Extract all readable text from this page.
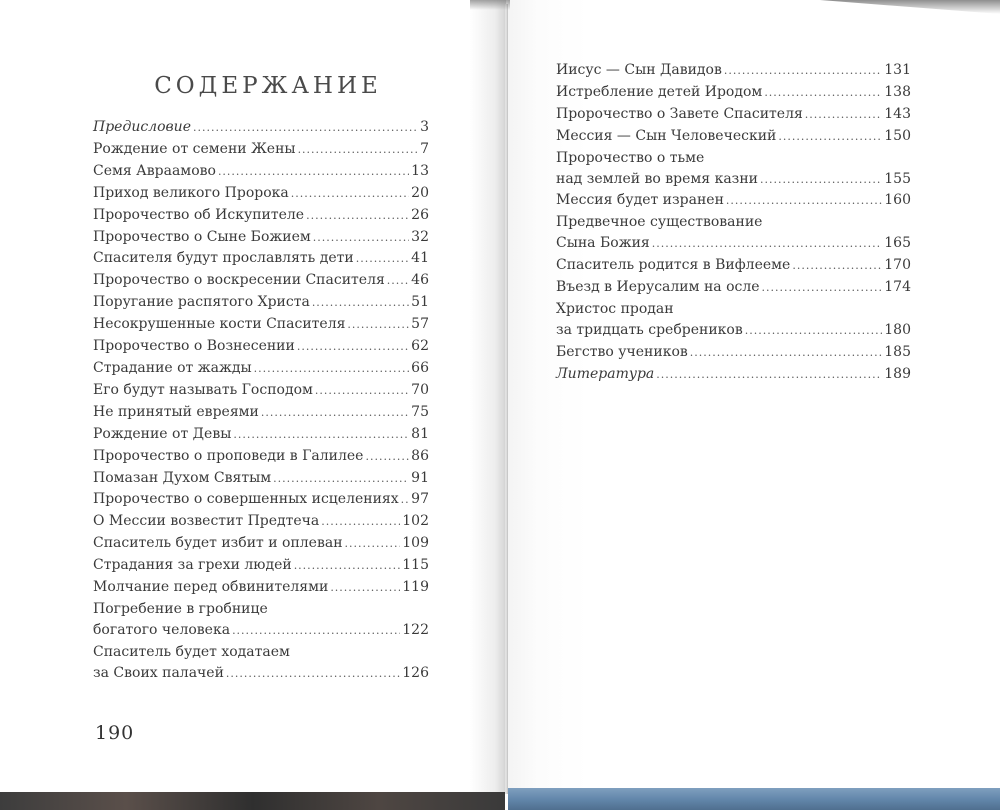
СОДЕРЖАНИЕ
Предисловие .....	3
Рождение от семени Жены .....	7
Семя Авраамово .....	13
Приход великого Пророка .....	20
Пророчество об Искупителе .....	26
Пророчество о Сыне Божием .....	32
Спасителя будут прославлять дети .....	41
Пророчество о воскресении Спасителя ..... 46
Поругание распятого Христа .....	51
Несокрушенные кости Спасителя .....	57
Пророчество о Вознесении .....	62
Страдание от жажды .....	66
Его будут называть Господом .....	70
Не принятый евреями .....	75
Рождение от Девы .....	81
Пророчество о проповеди в Галилее .....	86
Помазан Духом Святым .....	91
Пророчество о совершенных исцелениях ..... 97
О Мессии возвестит Предтеча .....	102
Спаситель будет избит и оплеван .....	109
Страдания за грехи людей .....	115
Молчание перед обвинителями .....	119
Погребение в гробнице
богатого человека .....	122
Спаситель будет ходатаем
за Своих палачей .....	126
Иисус — Сын Давидов .....	131
Истребление детей Иродом .....	138
Пророчество о Завете Спасителя .....	143
Мессия — Сын Человеческий .....	150
Пророчество о тьме
над землей во время казни .....	155
Мессия будет изранен .....	160
Предвечное существование
Сына Божия .....	165
Спаситель родится в Вифлееме .....	170
Въезд в Иерусалим на осле .....	174
Христос продан
за тридцать сребреников .....	180
Бегство учеников .....	185
Литература .....	189
190
